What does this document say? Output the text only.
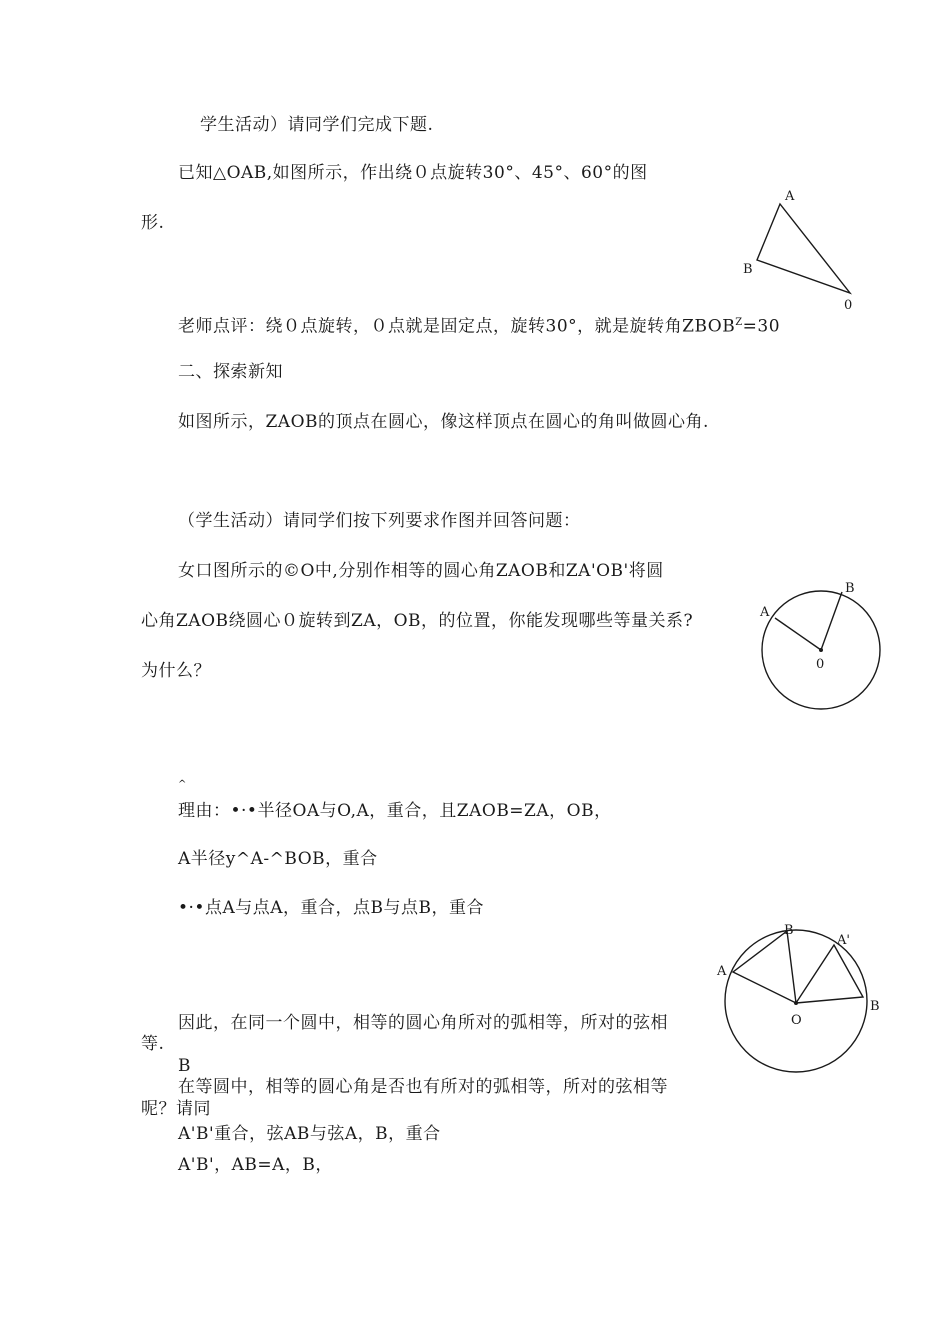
学生活动）请同学们完成下题.
已知△OAB,如图所示，作出绕０点旋转30°、45°、60°的图
形.
A
B
0
老师点评：绕０点旋转，０点就是固定点，旋转30°，就是旋转角$ZBOB^Z=30$
二、探索新知
如图所示，ZAOB的顶点在圆心，像这样顶点在圆心的角叫做圆心角.
（学生活动）请同学们按下列要求作图并回答问题：
女口图所示的©O中,分别作相等的圆心角ZAOB和ZA'OB'将圆
心角ZAOB绕圆心０旋转到ZA，OB，的位置，你能发现哪些等量关系?
为什么？
A
B
0
^
理由：•·•半径OA与O,A，重合，且ZAOB=ZA，OB，
A半径y^A-^BOB，重合
•·•点A与点A，重合，点B与点B，重合
A
B
A'
B
O
因此，在同一个圆中，相等的圆心角所对的弧相等，所对的弦相
等.
B
在等圆中，相等的圆心角是否也有所对的弧相等，所对的弦相等
呢？请同
A'B'重合，弦AB与弦A，B，重合
A'B'，AB=A，B，
